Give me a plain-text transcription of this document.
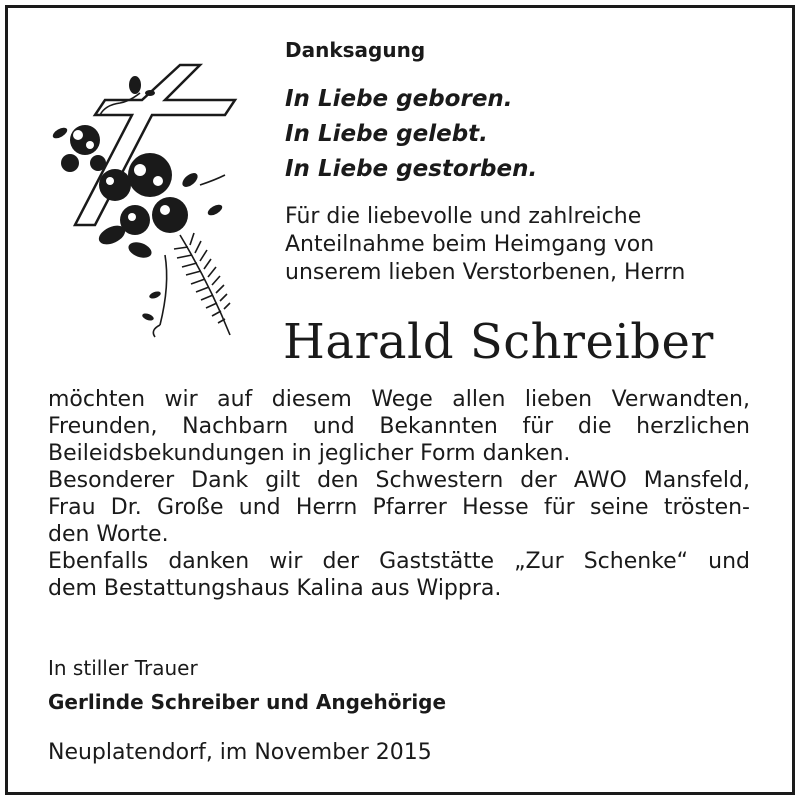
Danksagung
In Liebe geboren.
In Liebe gelebt.
In Liebe gestorben.
Für die liebevolle und zahlreiche
Anteilnahme beim Heimgang von
unserem lieben Verstorbenen, Herrn
Harald Schreiber
möchten wir auf diesem Wege allen lieben Verwandten,
Freunden, Nachbarn und Bekannten für die herzlichen
Beileidsbekundungen in jeglicher Form danken.
Besonderer Dank gilt den Schwestern der AWO Mansfeld,
Frau Dr. Große und Herrn Pfarrer Hesse für seine trösten-
den Worte.
Ebenfalls danken wir der Gaststätte „Zur Schenke“ und
dem Bestattungshaus Kalina aus Wippra.
In stiller Trauer
Gerlinde Schreiber und Angehörige
Neuplatendorf, im November 2015
